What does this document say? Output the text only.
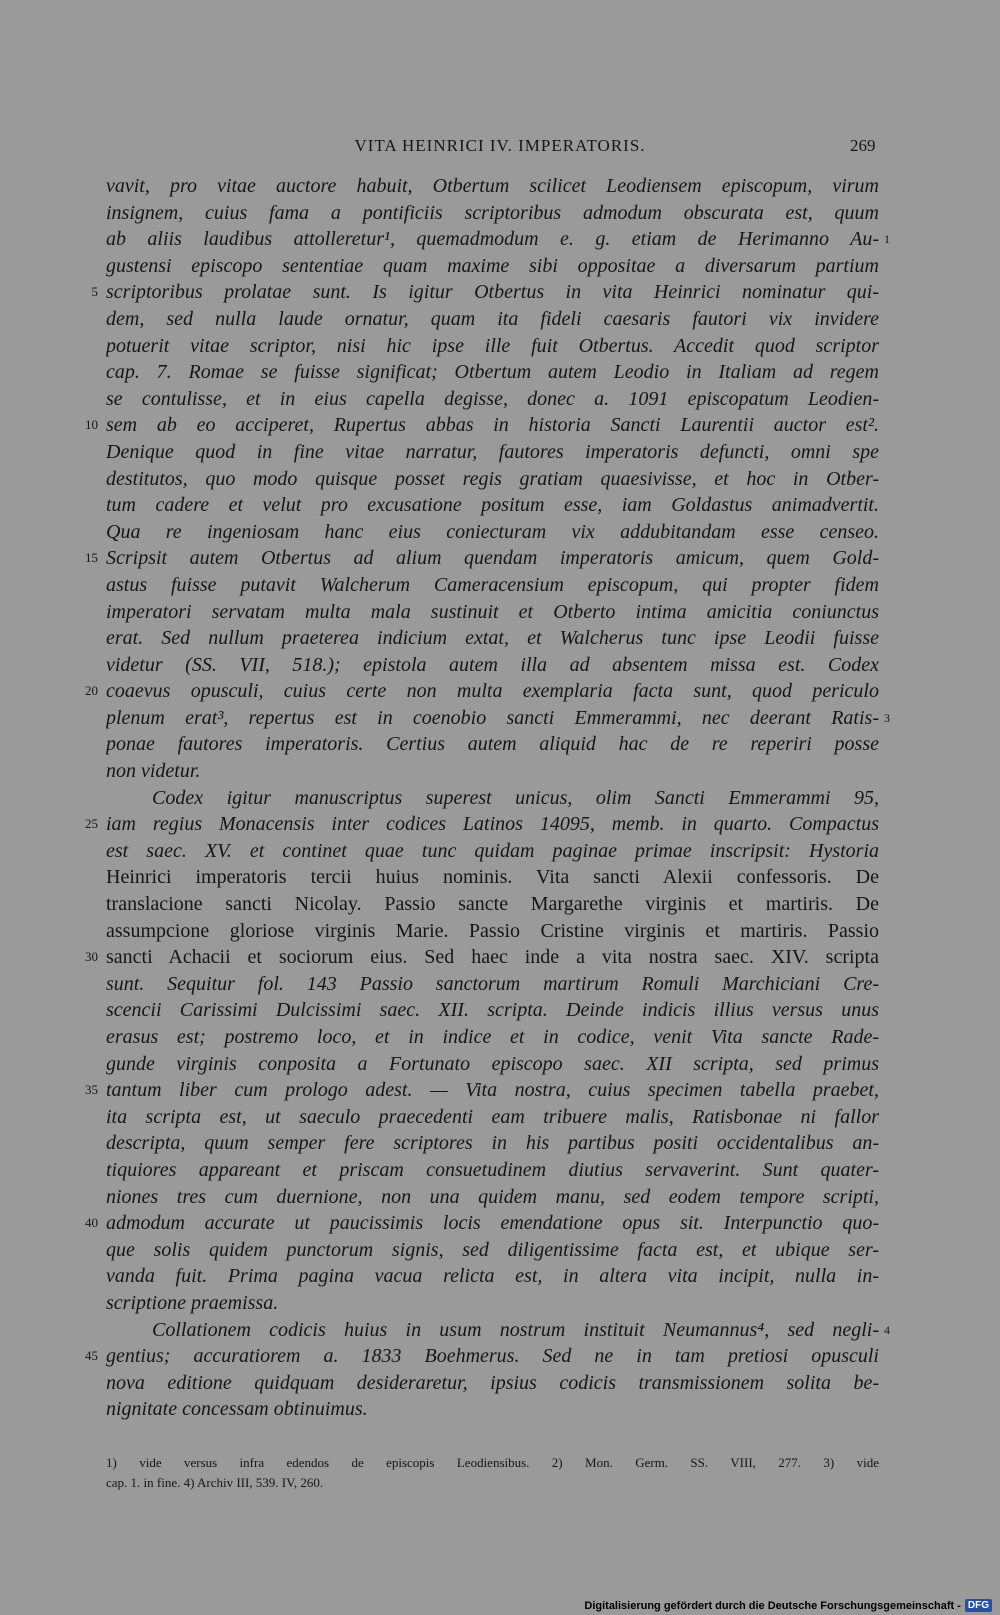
VITA HEINRICI IV. IMPERATORIS.	269
vavit, pro vitae auctore habuit, Otbertum scilicet Leodiensem episcopum, virum
insignem, cuius fama a pontificiis scriptoribus admodum obscurata est, quum
ab aliis laudibus attolleretur¹, quemadmodum e. g. etiam de Herimanno Au-
gustensi episcopo sententiae quam maxime sibi oppositae a diversarum partium
scriptoribus prolatae sunt. Is igitur Otbertus in vita Heinrici nominatur qui-
dem, sed nulla laude ornatur, quam ita fideli caesaris fautori vix invidere
potuerit vitae scriptor, nisi hic ipse ille fuit Otbertus. Accedit quod scriptor
cap. 7. Romae se fuisse significat; Otbertum autem Leodio in Italiam ad regem
se contulisse, et in eius capella degisse, donec a. 1091 episcopatum Leodien-
sem ab eo acciperet, Rupertus abbas in historia Sancti Laurentii auctor est².
Denique quod in fine vitae narratur, fautores imperatoris defuncti, omni spe
destitutos, quo modo quisque posset regis gratiam quaesivisse, et hoc in Otber-
tum cadere et velut pro excusatione positum esse, iam Goldastus animadvertit.
Qua re ingeniosam hanc eius coniecturam vix addubitandam esse censeo.
Scripsit autem Otbertus ad alium quendam imperatoris amicum, quem Gold-
astus fuisse putavit Walcherum Cameracensium episcopum, qui propter fidem
imperatori servatam multa mala sustinuit et Otberto intima amicitia coniunctus
erat. Sed nullum praeterea indicium extat, et Walcherus tunc ipse Leodii fuisse
videtur (SS. VII, 518.); epistola autem illa ad absentem missa est. Codex
coaevus opusculi, cuius certe non multa exemplaria facta sunt, quod periculo
plenum erat³, repertus est in coenobio sancti Emmerammi, nec deerant Ratis-
ponae fautores imperatoris. Certius autem aliquid hac de re reperiri posse
non videtur.
Codex igitur manuscriptus superest unicus, olim Sancti Emmerammi 95,
iam regius Monacensis inter codices Latinos 14095, memb. in quarto. Compactus
est saec. XV. et continet quae tunc quidam paginae primae inscripsit: Hystoria
Heinrici imperatoris tercii huius nominis. Vita sancti Alexii confessoris. De
translacione sancti Nicolay. Passio sancte Margarethe virginis et martiris. De
assumpcione gloriose virginis Marie. Passio Cristine virginis et martiris. Passio
sancti Achacii et sociorum eius. Sed haec inde a vita nostra saec. XIV. scripta
sunt. Sequitur fol. 143 Passio sanctorum martirum Romuli Marchiciani Cre-
scencii Carissimi Dulcissimi saec. XII. scripta. Deinde indicis illius versus unus
erasus est; postremo loco, et in indice et in codice, venit Vita sancte Rade-
gunde virginis conposita a Fortunato episcopo saec. XII scripta, sed primus
tantum liber cum prologo adest. — Vita nostra, cuius specimen tabella praebet,
ita scripta est, ut saeculo praecedenti eam tribuere malis, Ratisbonae ni fallor
descripta, quum semper fere scriptores in his partibus positi occidentalibus an-
tiquiores appareant et priscam consuetudinem diutius servaverint. Sunt quater-
niones tres cum duernione, non una quidem manu, sed eodem tempore scripti,
admodum accurate ut paucissimis locis emendatione opus sit. Interpunctio quo-
que solis quidem punctorum signis, sed diligentissime facta est, et ubique ser-
vanda fuit. Prima pagina vacua relicta est, in altera vita incipit, nulla in-
scriptione praemissa.
Collationem codicis huius in usum nostrum instituit Neumannus⁴, sed negli-
gentius; accuratiorem a. 1833 Boehmerus. Sed ne in tam pretiosi opusculi
nova editione quidquam desideraretur, ipsius codicis transmissionem solita be-
nignitate concessam obtinuimus.
5
10
15
20
25
30
35
40
45
1
3
4
1) vide versus infra edendos de episcopis Leodiensibus. 2) Mon. Germ. SS. VIII, 277. 3) vide
cap. 1. in fine. 4) Archiv III, 539. IV, 260.
Digitalisierung gefördert durch die Deutsche Forschungsgemeinschaft - DFG
